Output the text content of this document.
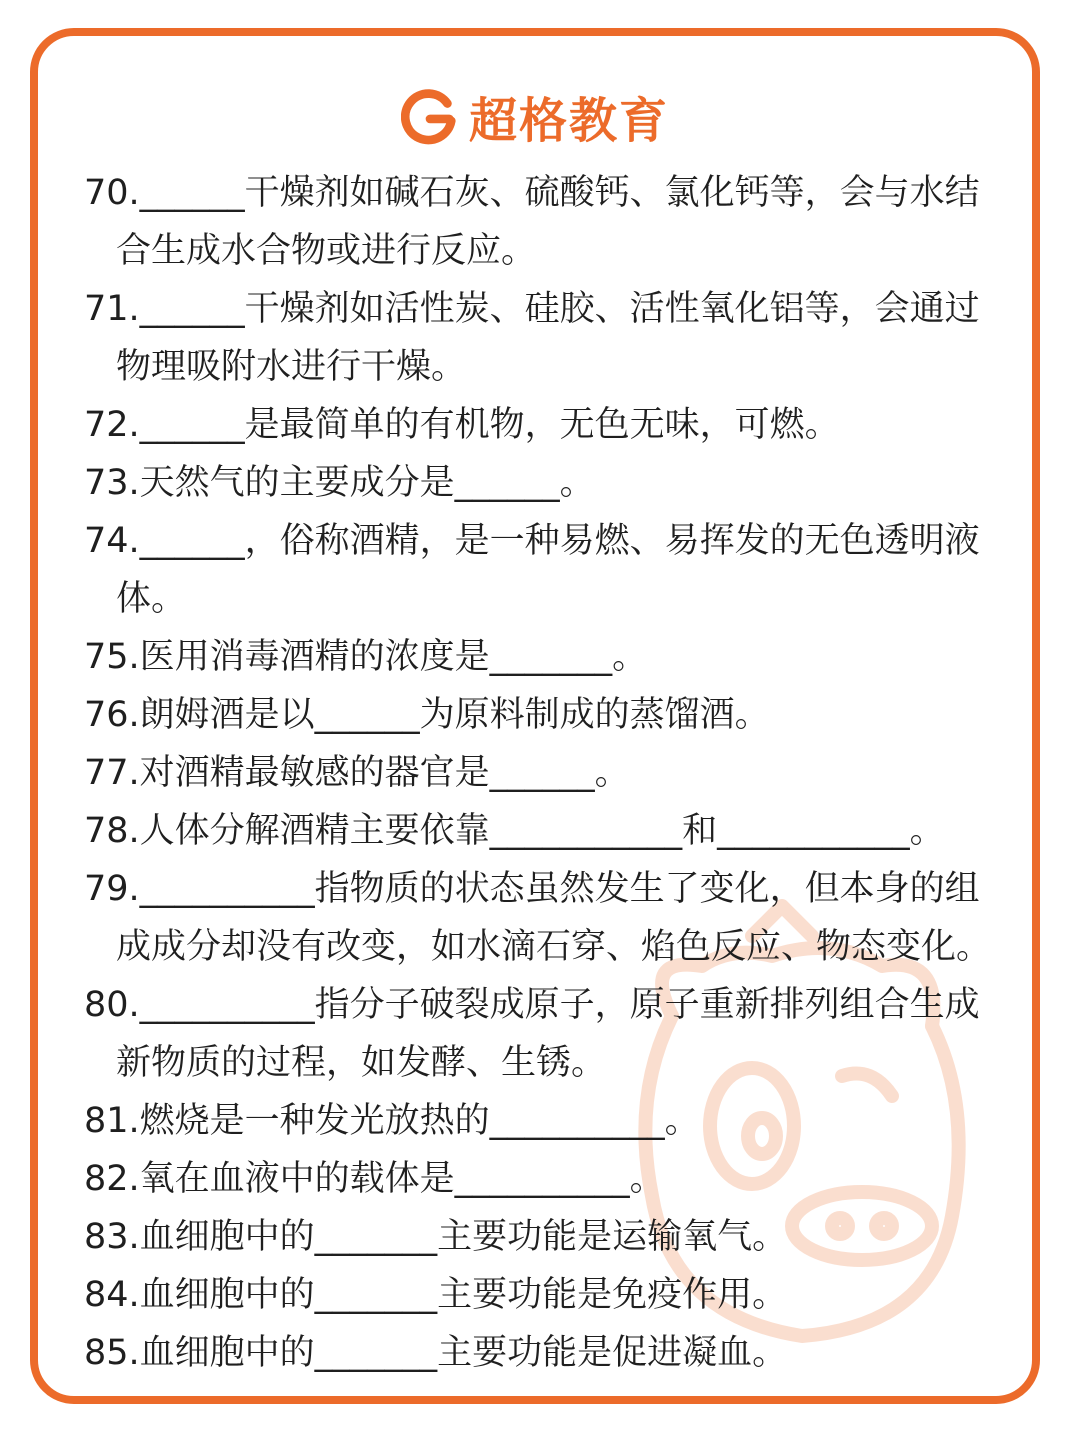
超格教育
70.______干燥剂如碱石灰、硫酸钙、氯化钙等，会与水结合生成水合物或进行反应。
71.______干燥剂如活性炭、硅胶、活性氧化铝等，会通过物理吸附水进行干燥。
72.______是最简单的有机物，无色无味，可燃。
73.天然气的主要成分是______。
74.______，俗称酒精，是一种易燃、易挥发的无色透明液体。
75.医用消毒酒精的浓度是_______。
76.朗姆酒是以______为原料制成的蒸馏酒。
77.对酒精最敏感的器官是______。
78.人体分解酒精主要依靠___________和___________。
79.__________指物质的状态虽然发生了变化，但本身的组成成分却没有改变，如水滴石穿、焰色反应、物态变化。
80.__________指分子破裂成原子，原子重新排列组合生成新物质的过程，如发酵、生锈。
81.燃烧是一种发光放热的__________。
82.氧在血液中的载体是__________。
83.血细胞中的_______主要功能是运输氧气。
84.血细胞中的_______主要功能是免疫作用。
85.血细胞中的_______主要功能是促进凝血。
